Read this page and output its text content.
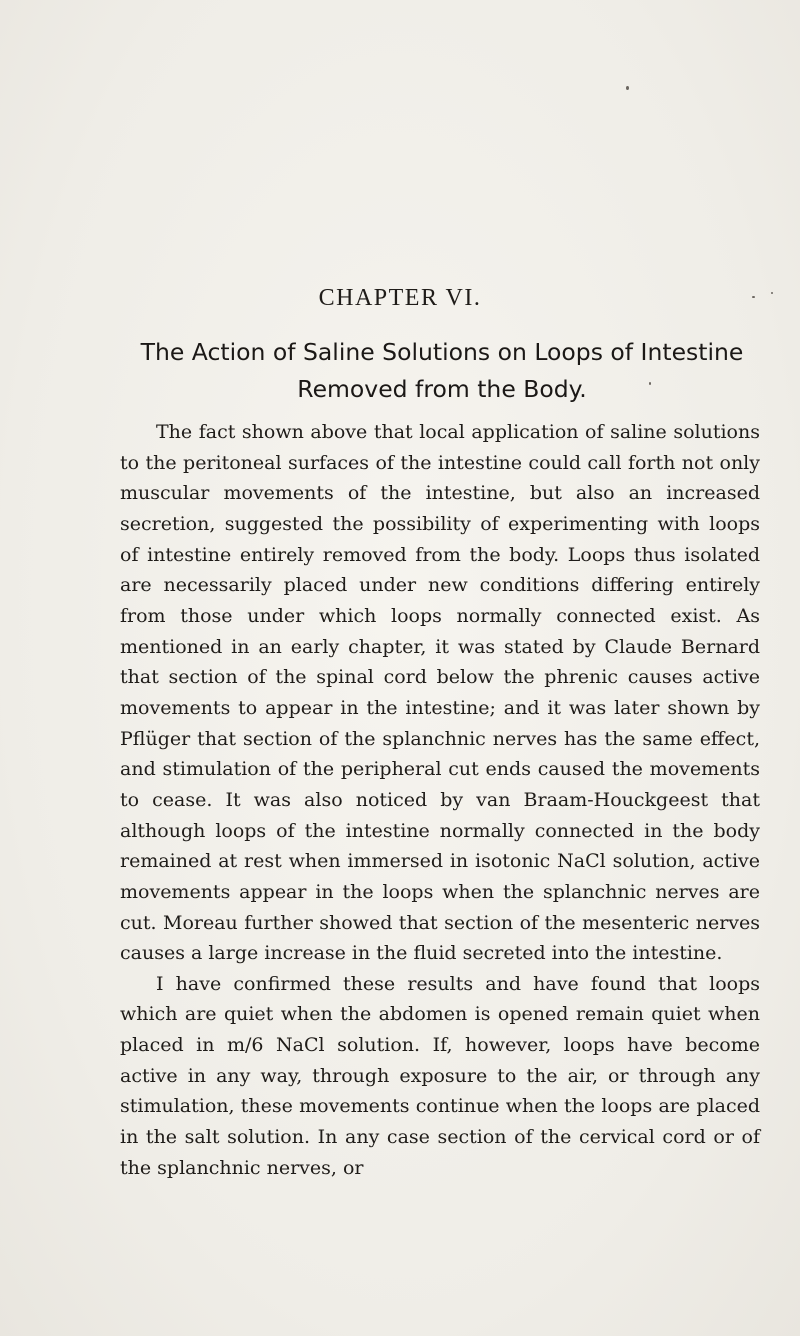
CHAPTER VI.
The Action of Saline Solutions on Loops of Intestine Removed from the Body.

The fact shown above that local application of saline solutions to the peritoneal surfaces of the intestine could call forth not only muscular movements of the intestine, but also an increased secretion, suggested the possibility of experimenting with loops of intestine entirely removed from the body. Loops thus isolated are necessarily placed under new conditions differing entirely from those under which loops normally connected exist. As mentioned in an early chapter, it was stated by Claude Bernard that section of the spinal cord below the phrenic causes active movements to appear in the intestine; and it was later shown by Pflüger that section of the splanchnic nerves has the same effect, and stimulation of the peripheral cut ends caused the movements to cease. It was also noticed by van Braam-Houckgeest that although loops of the intestine normally connected in the body remained at rest when immersed in isotonic NaCl solution, active movements appear in the loops when the splanchnic nerves are cut. Moreau further showed that section of the mesenteric nerves causes a large increase in the fluid secreted into the intestine.

I have confirmed these results and have found that loops which are quiet when the abdomen is opened remain quiet when placed in m/6 NaCl solution. If, however, loops have become active in any way, through exposure to the air, or through any stimulation, these movements continue when the loops are placed in the salt solution. In any case section of the cervical cord or of the splanchnic nerves, or
